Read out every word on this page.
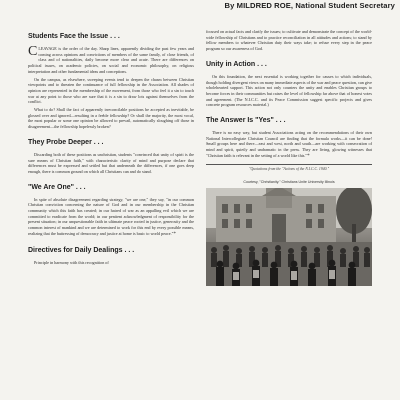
By MILDRED ROE, National Student Secretary
Students Face the Issue . . .

CLEAVAGE is the order of the day. Sharp lines, apparently dividing the past few years and coming across opinions and convictions of members of the same family, of close friends, of class and of nationalities, daily become more clear and acute. There are differences on political issues, on academic policies, on social and economic philosophy, on religious interpretation and other fundamental ideas and conceptions.

On the campus, as elsewhere, sweeping events tend to deepen the chasm between Christian viewpoints and to threaten the continuance of full fellowship in the Association. All shades of opinion are represented in the membership of the movement, from those who feel it a sin to touch war at any point to those who are sure that it is a sin to draw lots against themselves from the conflict.

What to do? Shall the fact of apparently irreconcilable positions be accepted as inevitable, be glossed over and ignored—resulting in a feeble fellowship? Or shall the majority, the most vocal, the most popular or some one opinion be allowed to prevail, automatically sloughing off those in disagreement—the fellowship hopelessly broken?

They Probe Deeper . . .

Discarding both of these positions as unchristian, students "convinced that unity of spirit is the sure means of Christian faith," with characteristic clarity of mind and purpose declare that differences must be expressed and settled but that underneath the differences, if one goes deep enough, there is common ground on which all Christians can and do stand.

"We Are One" . . .

In spite of absolute disagreement regarding strategy, "we are one," they say, "in our common Christian conviction concerning the nature of God and in our membership in the Christian community which this faith has created; in our hatred of war as an appalling evil which we are committed to eradicate from the world; in our penitent acknowledgment of responsibility for the present situation; in our unquestionable faith in ultimate peace rooted in justice, generosity and the common interest of mankind and we are determined to work for this end by every possible means, realizing that the buttressing of democracy and justice at home is basic to world peace."*

Directives for Daily Dealings . . .

Principle in harmony with this recognition of

focused on actual facts and clarify the issues; to cultivate and demonstrate the concept of the world-wide fellowship of Christians and to practice reconciliation in all attitudes and actions; to stand by fellow members to whatever Christian duty their ways take; to refuse every step in the peace program so our awareness of God.

Unity in Action . . .

On this foundation, the next essential is working together for causes to which individuals, though holding divergent views on many immediate aspects of the war and peace question, can give wholehearted support. This action not only counters the unity and enables Christian groups to become forces in their communities but raises the level of fellowship far above that of honest votes and agreement. (The N.I.C.C. and its Peace Commission suggest specific projects and gives concrete program resources material.)

The Answer Is "Yes" . . .

There is no easy way, but student Associations acting on the recommendations of their own National Intercollegiate Christian Council are finding that the formula works—it can be done! Small groups here and there—east and west, north and south—are working with consecration of mind and spirit, quietly and undramatic in the press. They are living, glowing witnesses that "Christian faith is relevant in the setting of a world like this."*

"Quotations from the "Actions of the N.I.C.C. 1940."
Courtesy, "Christianity." Christians Unite University Illinois
